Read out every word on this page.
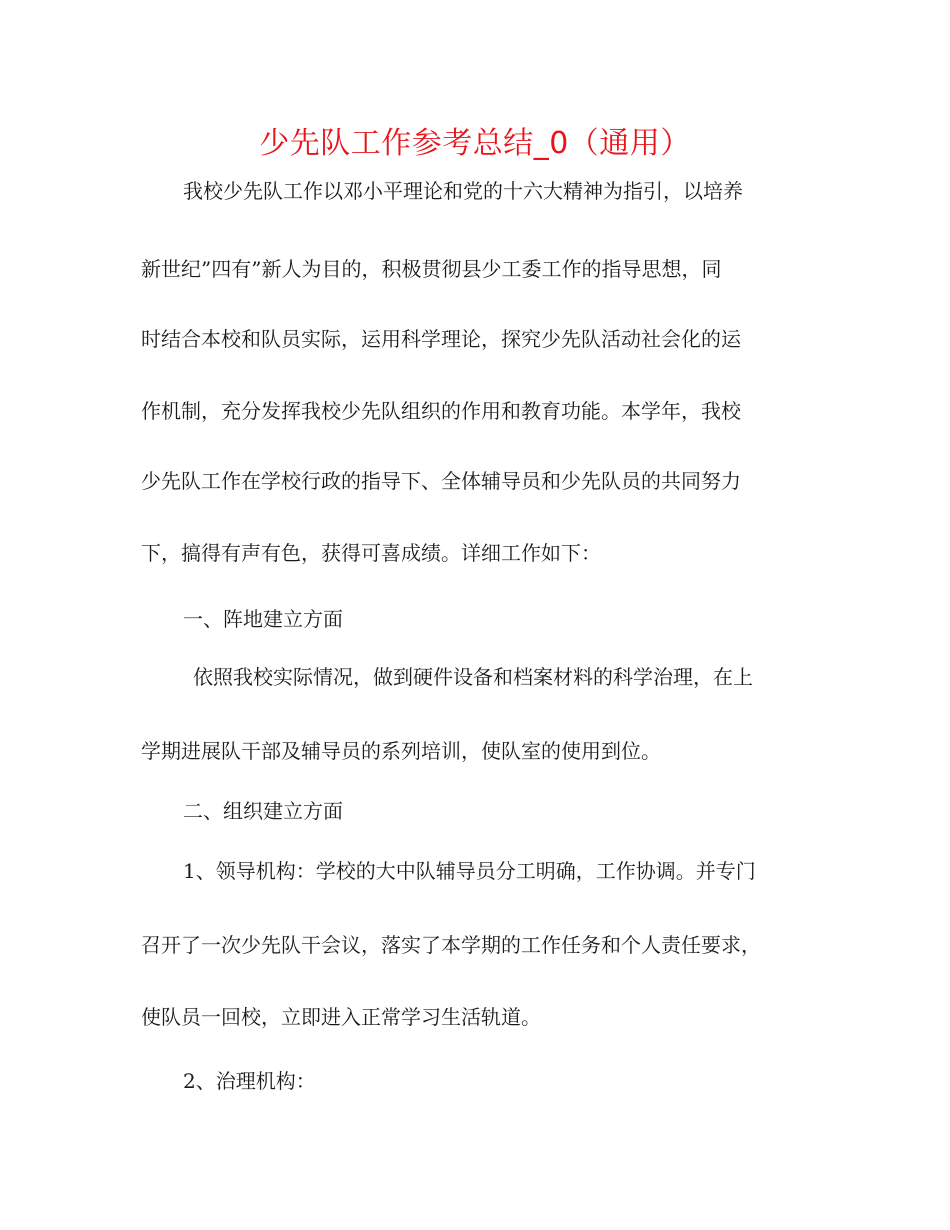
少先队工作参考总结_0（通用）

我校少先队工作以邓小平理论和党的十六大精神为指引，以培养

新世纪”四有”新人为目的，积极贯彻县少工委工作的指导思想，同

时结合本校和队员实际，运用科学理论，探究少先队活动社会化的运

作机制，充分发挥我校少先队组织的作用和教育功能。本学年，我校

少先队工作在学校行政的指导下、全体辅导员和少先队员的共同努力

下，搞得有声有色，获得可喜成绩。详细工作如下：

一、阵地建立方面

依照我校实际情况，做到硬件设备和档案材料的科学治理，在上

学期进展队干部及辅导员的系列培训，使队室的使用到位。

二、组织建立方面

1、领导机构：学校的大中队辅导员分工明确，工作协调。并专门

召开了一次少先队干会议，落实了本学期的工作任务和个人责任要求，

使队员一回校，立即进入正常学习生活轨道。

2、治理机构：
